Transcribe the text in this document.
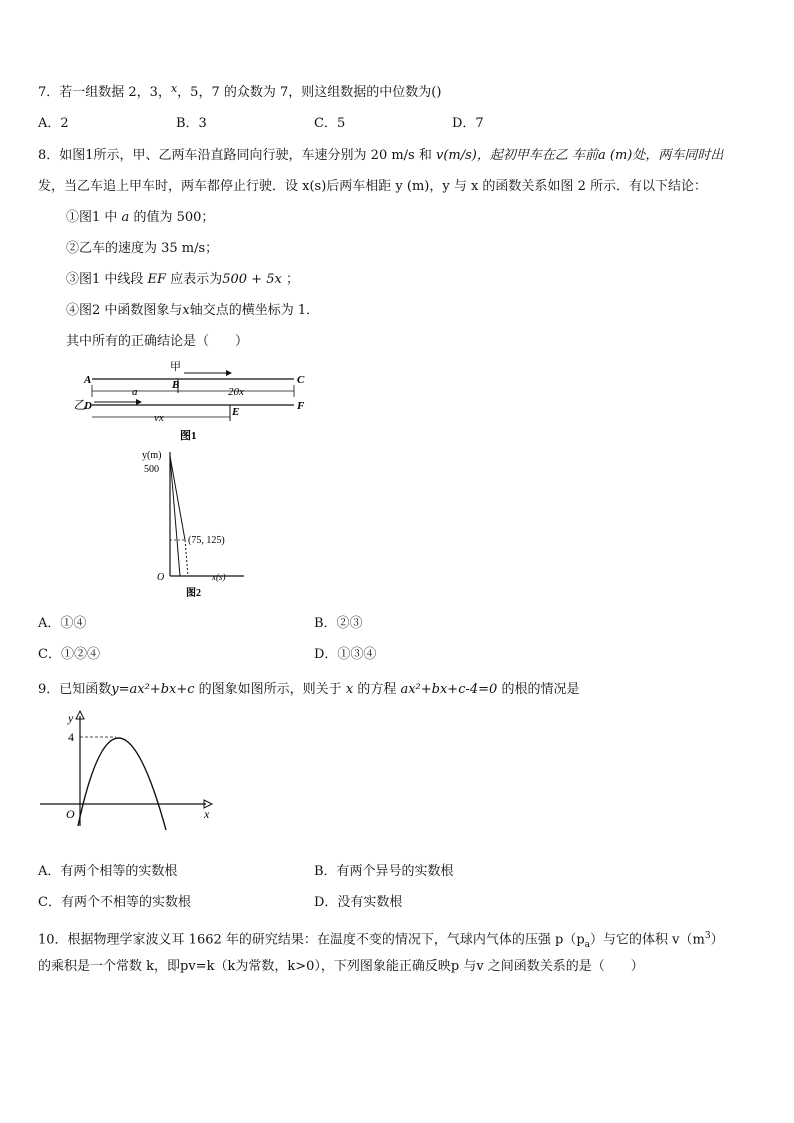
7．若一组数据 2，3，$^x$，5，7 的众数为 7，则这组数据的中位数为()
A．2	B．3	C．5	D．7
8．如图1所示，甲、乙两车沿直路同向行驶，车速分别为 20 m/s 和 v(m/s)，起初甲车在乙 车前a (m)处，两车同时出
发，当乙车追上甲车时，两车都停止行驶．设 x(s)后两车相距 y (m)，y 与 x 的函数关系如图 2 所示．有以下结论：
①图1 中 a 的值为 500；
②乙车的速度为 35 m/s；
③图1 中线段 EF 应表示为500 + 5x ；
④图2 中函数图象与x轴交点的横坐标为 1．
其中所有的正确结论是（　　）
甲
A	C
B
a	20x
乙
D	F
E
vx
图1
y(m)
500
(75, 125)
O	x(s)
图2
A．①④	B．②③
C．①②④	D．①③④
9．已知函数y=ax²+bx+c 的图象如图所示，则关于 x 的方程 ax²+bx+c-4=0 的根的情况是
y
x
O
4
A．有两个相等的实数根	B．有两个异号的实数根
C．有两个不相等的实数根	D．没有实数根
10．根据物理学家波义耳 1662 年的研究结果：在温度不变的情况下，气球内气体的压强 $p(p_a)$与它的体积 $v(m^3)$
的乘积是一个常数 k，即pv=k（k为常数，k>0），下列图象能正确反映p 与v 之间函数关系的是（　　）
